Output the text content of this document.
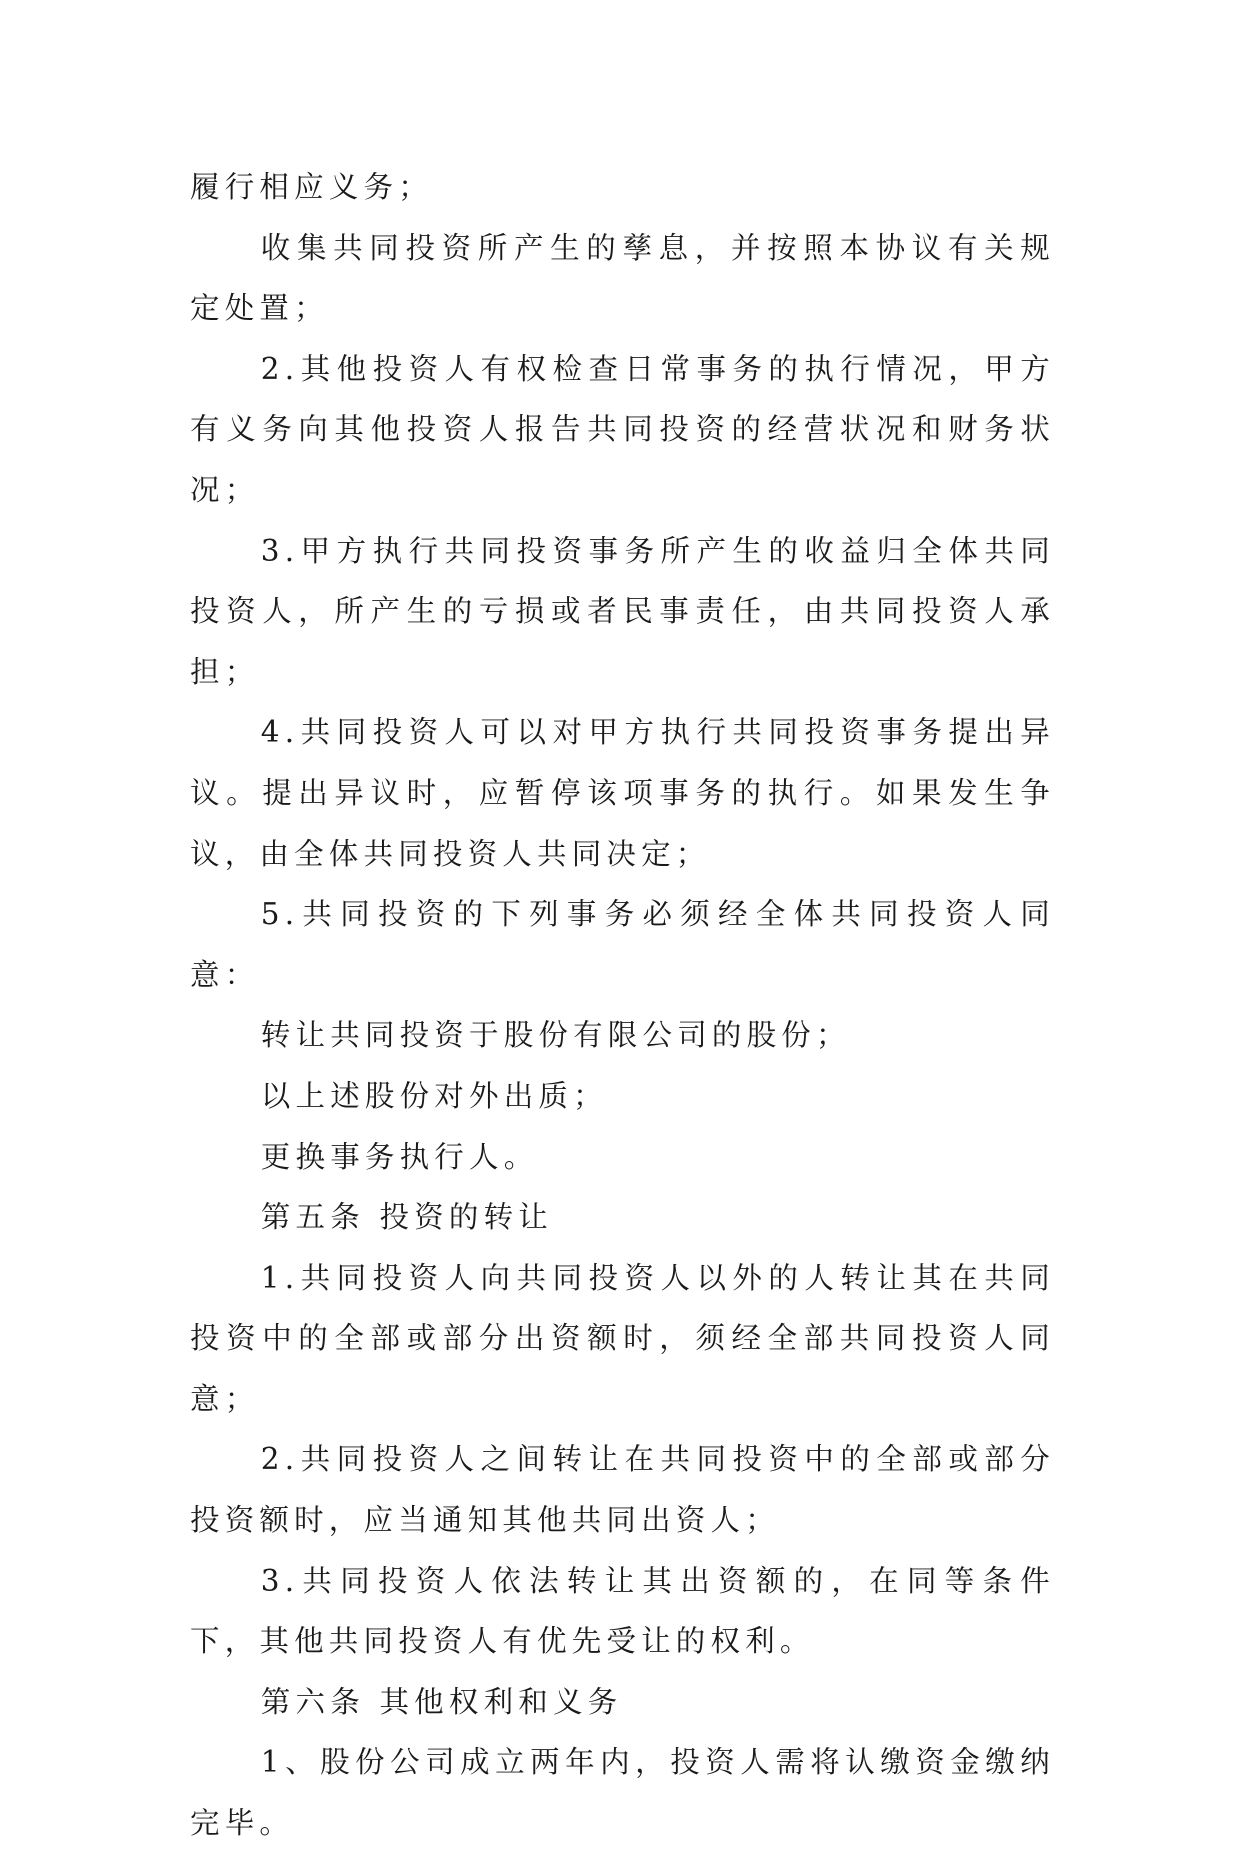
履行相应义务；

收集共同投资所产生的孳息，并按照本协议有关规定处置；

2.其他投资人有权检查日常事务的执行情况，甲方有义务向其他投资人报告共同投资的经营状况和财务状况；

3.甲方执行共同投资事务所产生的收益归全体共同投资人，所产生的亏损或者民事责任，由共同投资人承担；

4.共同投资人可以对甲方执行共同投资事务提出异议。提出异议时，应暂停该项事务的执行。如果发生争议，由全体共同投资人共同决定；

5.共同投资的下列事务必须经全体共同投资人同意：

转让共同投资于股份有限公司的股份；

以上述股份对外出质；

更换事务执行人。

第五条 投资的转让

1.共同投资人向共同投资人以外的人转让其在共同投资中的全部或部分出资额时，须经全部共同投资人同意；

2.共同投资人之间转让在共同投资中的全部或部分投资额时，应当通知其他共同出资人；

3.共同投资人依法转让其出资额的，在同等条件下，其他共同投资人有优先受让的权利。

第六条 其他权利和义务

1、股份公司成立两年内，投资人需将认缴资金缴纳完毕。
